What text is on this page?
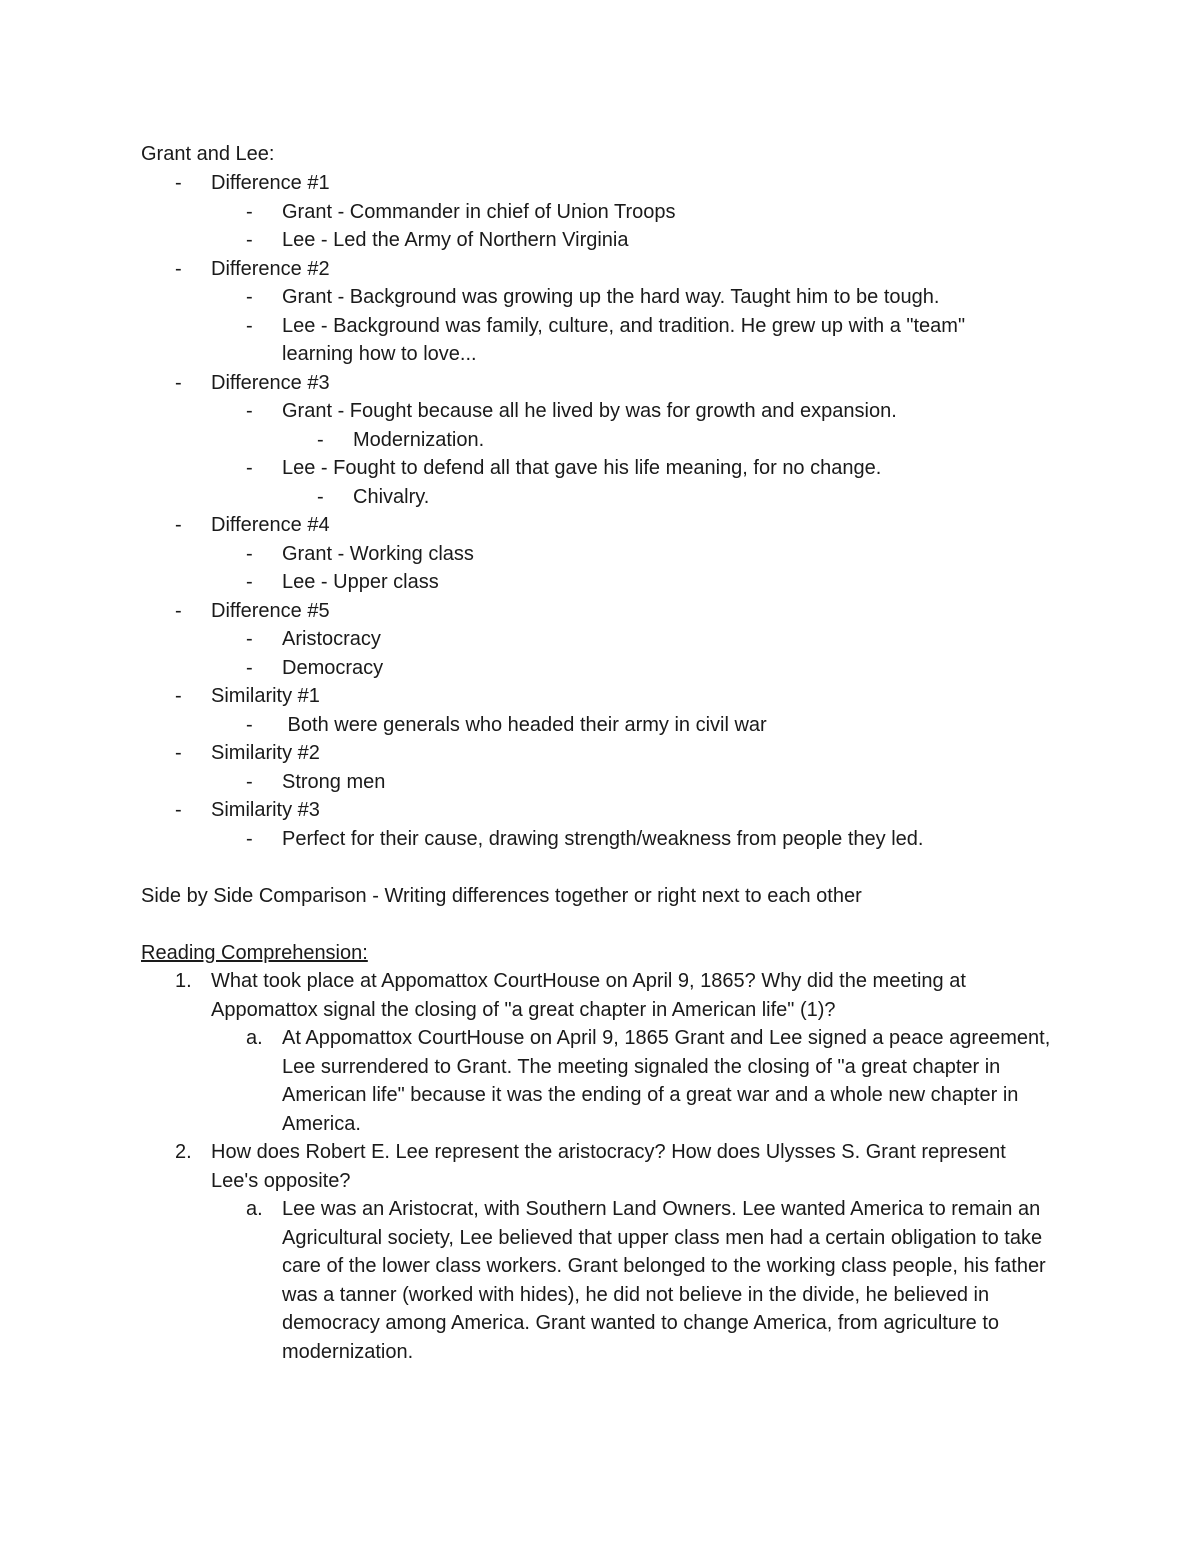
Grant and Lee:
- Difference #1
- Grant - Commander in chief of Union Troops
- Lee - Led the Army of Northern Virginia
- Difference #2
- Grant - Background was growing up the hard way. Taught him to be tough.
- Lee - Background was family, culture, and tradition. He grew up with a "team"
learning how to love...
- Difference #3
- Grant - Fought because all he lived by was for growth and expansion.
- Modernization.
- Lee - Fought to defend all that gave his life meaning, for no change.
- Chivalry.
- Difference #4
- Grant - Working class
- Lee - Upper class
- Difference #5
- Aristocracy
- Democracy
- Similarity #1
- Both were generals who headed their army in civil war
- Similarity #2
- Strong men
- Similarity #3
- Perfect for their cause, drawing strength/weakness from people they led.
Side by Side Comparison - Writing differences together or right next to each other
Reading Comprehension:
1. What took place at Appomattox CourtHouse on April 9, 1865? Why did the meeting at Appomattox signal the closing of "a great chapter in American life" (1)?
a. At Appomattox CourtHouse on April 9, 1865 Grant and Lee signed a peace agreement, Lee surrendered to Grant. The meeting signaled the closing of "a great chapter in American life" because it was the ending of a great war and a whole new chapter in America.
2. How does Robert E. Lee represent the aristocracy? How does Ulysses S. Grant represent Lee's opposite?
a. Lee was an Aristocrat, with Southern Land Owners. Lee wanted America to remain an Agricultural society, Lee believed that upper class men had a certain obligation to take care of the lower class workers. Grant belonged to the working class people, his father was a tanner (worked with hides), he did not believe in the divide, he believed in democracy among America. Grant wanted to change America, from agriculture to modernization.
